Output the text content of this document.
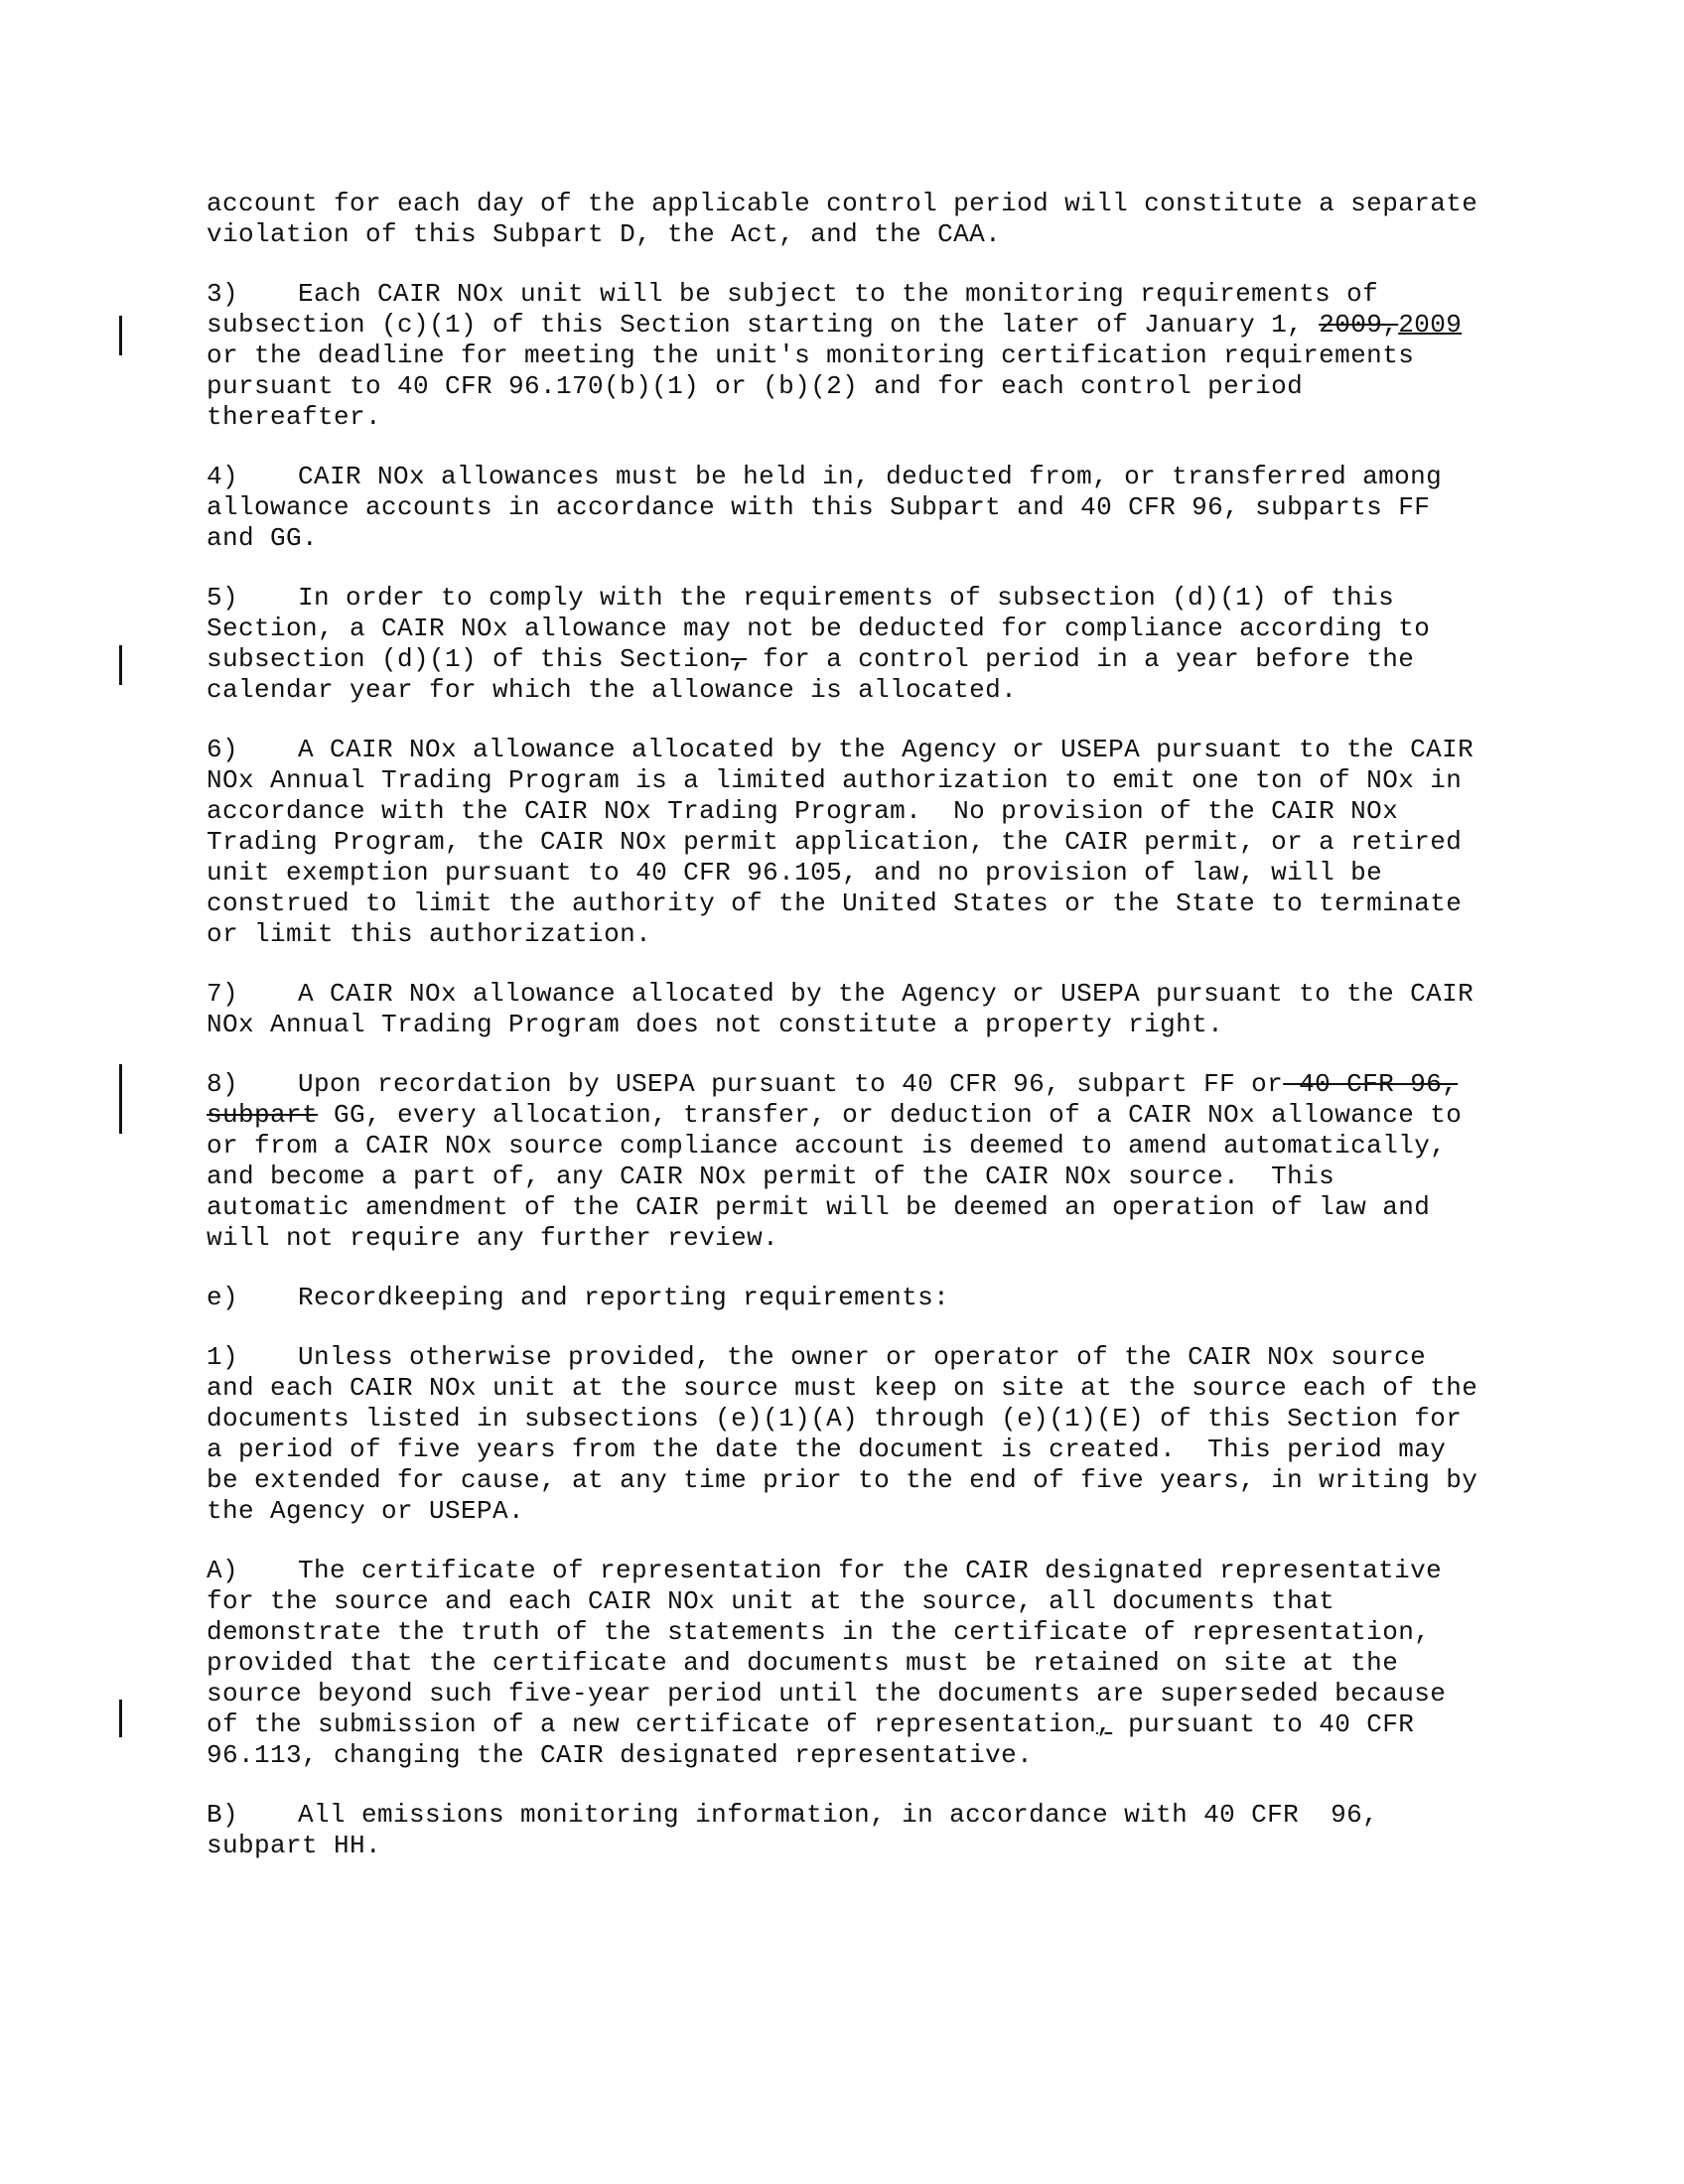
account for each day of the applicable control period will constitute a separate
violation of this Subpart D, the Act, and the CAA.
3) Each CAIR NOx unit will be subject to the monitoring requirements of
subsection (c)(1) of this Section starting on the later of January 1, 2009,2009
or the deadline for meeting the unit's monitoring certification requirements
pursuant to 40 CFR 96.170(b)(1) or (b)(2) and for each control period
thereafter.
4) CAIR NOx allowances must be held in, deducted from, or transferred among
allowance accounts in accordance with this Subpart and 40 CFR 96, subparts FF
and GG.
5) In order to comply with the requirements of subsection (d)(1) of this
Section, a CAIR NOx allowance may not be deducted for compliance according to
subsection (d)(1) of this Section, for a control period in a year before the
calendar year for which the allowance is allocated.
6) A CAIR NOx allowance allocated by the Agency or USEPA pursuant to the CAIR
NOx Annual Trading Program is a limited authorization to emit one ton of NOx in
accordance with the CAIR NOx Trading Program.  No provision of the CAIR NOx
Trading Program, the CAIR NOx permit application, the CAIR permit, or a retired
unit exemption pursuant to 40 CFR 96.105, and no provision of law, will be
construed to limit the authority of the United States or the State to terminate
or limit this authorization.
7) A CAIR NOx allowance allocated by the Agency or USEPA pursuant to the CAIR
NOx Annual Trading Program does not constitute a property right.
8) Upon recordation by USEPA pursuant to 40 CFR 96, subpart FF or 40 CFR 96,
subpart GG, every allocation, transfer, or deduction of a CAIR NOx allowance to
or from a CAIR NOx source compliance account is deemed to amend automatically,
and become a part of, any CAIR NOx permit of the CAIR NOx source.  This
automatic amendment of the CAIR permit will be deemed an operation of law and
will not require any further review.
e) Recordkeeping and reporting requirements:
1) Unless otherwise provided, the owner or operator of the CAIR NOx source
and each CAIR NOx unit at the source must keep on site at the source each of the
documents listed in subsections (e)(1)(A) through (e)(1)(E) of this Section for
a period of five years from the date the document is created.  This period may
be extended for cause, at any time prior to the end of five years, in writing by
the Agency or USEPA.
A) The certificate of representation for the CAIR designated representative
for the source and each CAIR NOx unit at the source, all documents that
demonstrate the truth of the statements in the certificate of representation,
provided that the certificate and documents must be retained on site at the
source beyond such five-year period until the documents are superseded because
of the submission of a new certificate of representation, pursuant to 40 CFR
96.113, changing the CAIR designated representative.
B) All emissions monitoring information, in accordance with 40 CFR  96,
subpart HH.
